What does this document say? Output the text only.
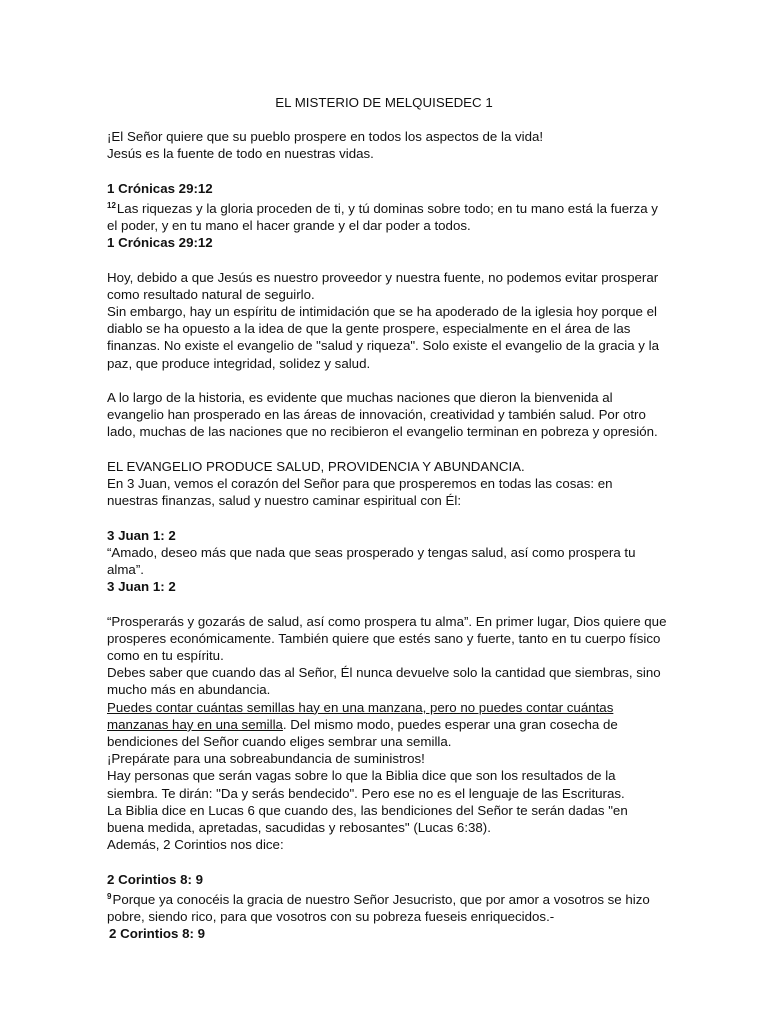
EL MISTERIO DE MELQUISEDEC 1

¡El Señor quiere que su pueblo prospere en todos los aspectos de la vida!

Jesús es la fuente de todo en nuestras vidas.

1 Crónicas 29:12

$^{12}$Las riquezas y la gloria proceden de ti, y tú dominas sobre todo; en tu mano está la fuerza y el poder, y en tu mano el hacer grande y el dar poder a todos.

1 Crónicas 29:12

Hoy, debido a que Jesús es nuestro proveedor y nuestra fuente, no podemos evitar prosperar como resultado natural de seguirlo.

Sin embargo, hay un espíritu de intimidación que se ha apoderado de la iglesia hoy porque el diablo se ha opuesto a la idea de que la gente prospere, especialmente en el área de las finanzas. No existe el evangelio de "salud y riqueza". Solo existe el evangelio de la gracia y la paz, que produce integridad, solidez y salud.

A lo largo de la historia, es evidente que muchas naciones que dieron la bienvenida al evangelio han prosperado en las áreas de innovación, creatividad y también salud. Por otro lado, muchas de las naciones que no recibieron el evangelio terminan en pobreza y opresión.

EL EVANGELIO PRODUCE SALUD, PROVIDENCIA Y ABUNDANCIA.

En 3 Juan, vemos el corazón del Señor para que prosperemos en todas las cosas: en nuestras finanzas, salud y nuestro caminar espiritual con Él:

3 Juan 1: 2

“Amado, deseo más que nada que seas prosperado y tengas salud, así como prospera tu alma”.

3 Juan 1: 2

“Prosperarás y gozarás de salud, así como prospera tu alma”. En primer lugar, Dios quiere que prosperes económicamente. También quiere que estés sano y fuerte, tanto en tu cuerpo físico como en tu espíritu.

Debes saber que cuando das al Señor, Él nunca devuelve solo la cantidad que siembras, sino mucho más en abundancia.

Puedes contar cuántas semillas hay en una manzana, pero no puedes contar cuántas manzanas hay en una semilla. Del mismo modo, puedes esperar una gran cosecha de bendiciones del Señor cuando eliges sembrar una semilla.

¡Prepárate para una sobreabundancia de suministros!

Hay personas que serán vagas sobre lo que la Biblia dice que son los resultados de la siembra. Te dirán: "Da y serás bendecido". Pero ese no es el lenguaje de las Escrituras.

La Biblia dice en Lucas 6 que cuando des, las bendiciones del Señor te serán dadas "en buena medida, apretadas, sacudidas y rebosantes" (Lucas 6:38).

Además, 2 Corintios nos dice:

2 Corintios 8: 9

$^9$Porque ya conocéis la gracia de nuestro Señor Jesucristo, que por amor a vosotros se hizo pobre, siendo rico, para que vosotros con su pobreza fueseis enriquecidos.-

2 Corintios 8: 9
